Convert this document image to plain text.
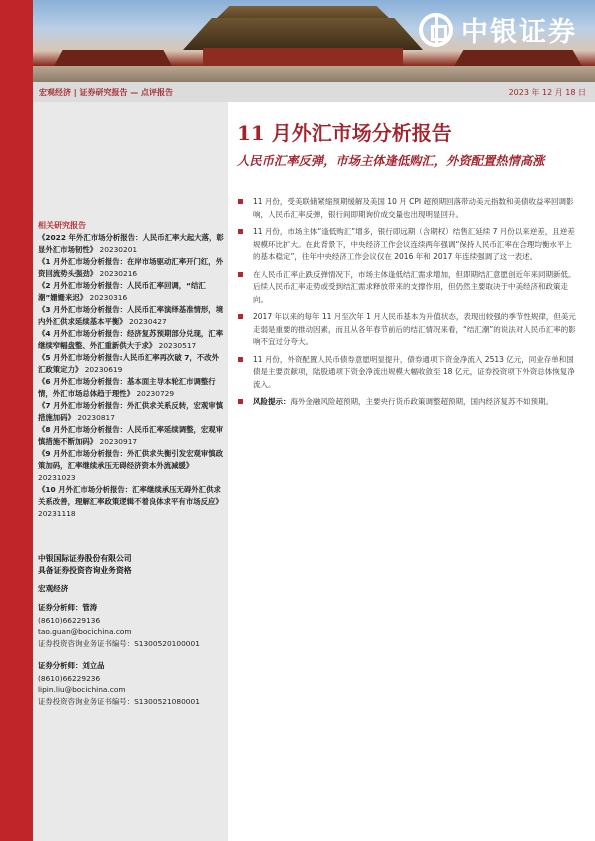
中银证券
宏观经济 | 证券研究报告 — 点评报告	2023 年 12 月 18 日
相关研究报告
《2022 年外汇市场分析报告：人民币汇率大起大落，彰显外汇市场韧性》 20230201
《1 月外汇市场分析报告：在岸市场驱动汇率开门红，外资回流势头强劲》 20230216
《2 月外汇市场分析报告：人民币汇率回调，“结汇潮”姗姗来迟》 20230316
《3 月外汇市场分析报告：人民币汇率演绎基准情形，境内外汇供求延续基本平衡》 20230427
《4 月外汇市场分析报告：经济复苏预期部分兑现，汇率继续窄幅盘整、外汇重新供大于求》 20230517
《5 月外汇市场分析报告:人民币汇率再次破 7，不改外汇政策定力》 20230619
《6 月外汇市场分析报告：基本面主导本轮汇市调整行情，外汇市场总体趋于理性》 20230729
《7 月外汇市场分析报告：外汇供求关系反转，宏观审慎措施加码》 20230817
《8 月外汇市场分析报告：人民币汇率延续调整，宏观审慎措施不断加码》 20230917
《9 月外汇市场分析报告：外汇供求失衡引发宏观审慎政策加码，汇率继续承压无碍经济资本外流减缓》 20231023
《10 月外汇市场分析报告：汇率继续承压无碍外汇供求关系改善，理解汇率政策逻辑不着良体求平有市场反应》 20231118
中银国际证券股份有限公司
具备证券投资咨询业务资格
宏观经济
证券分析师：管涛
(8610)66229136
tao.guan@bocichina.com
证券投资咨询业务证书编号：S1300520100001
证券分析师：刘立品
(8610)66229236
lipin.liu@bocichina.com
证券投资咨询业务证书编号：S1300521080001
11 月外汇市场分析报告
人民币汇率反弹，市场主体逢低购汇，外资配置热情高涨
11 月份，受美联储紧缩预期缓解及美国 10 月 CPI 超预期回落带动美元指数和美债收益率回调影响，人民币汇率反弹，银行间即期询价成交量也出现明显回升。
11 月份，市场主体“逢低购汇”增多，银行即远期（含期权）结售汇延续 7 月份以来逆差，且逆差规模环比扩大。在此背景下，中央经济工作会议连续两年强调“保持人民币汇率在合理均衡水平上的基本稳定”，往年中央经济工作会议仅在 2016 年和 2017 年连续强调了这一表述。
在人民币汇率止跌反弹情况下，市场主体逢低结汇需求增加，但即期结汇意愿创近年来同期新低。后续人民币汇率走势或受到结汇需求释放带来的支撑作用，但仍然主要取决于中美经济和政策走向。
2017 年以来的每年 11 月至次年 1 月人民币基本为升值状态，表现出较强的季节性规律，但美元走弱是重要的推动因素，而且从各年春节前后的结汇情况来看，“结汇潮”的说法对人民币汇率的影响不宜过分夸大。
11 月份，外资配置人民币债券意愿明显提升，债券通项下资金净流入 2513 亿元，同业存单和国债是主要贡献项，陆股通项下资金净流出规模大幅收敛至 18 亿元，证券投资项下外资总体恢复净流入。
风险提示：海外金融风险超预期，主要央行货币政策调整超预期，国内经济复苏不如预期。
